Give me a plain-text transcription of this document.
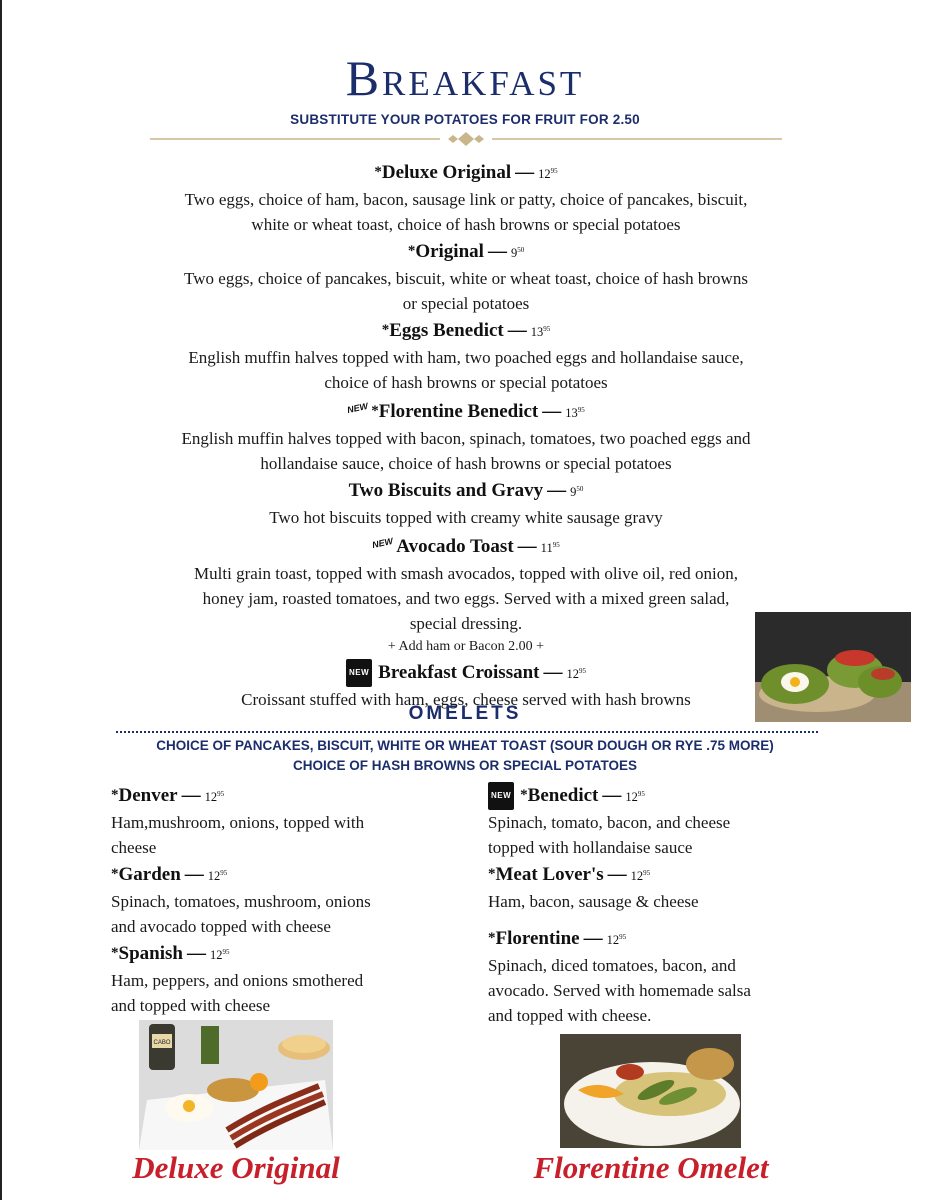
Breakfast
SUBSTITUTE YOUR POTATOES FOR FRUIT FOR 2.50

*Deluxe Original — $12^{95}$

Two eggs, choice of ham, bacon, sausage link or patty, choice of pancakes, biscuit,
white or wheat toast, choice of hash browns or special potatoes

*Original — $9^{50}$

Two eggs, choice of pancakes, biscuit, white or wheat toast, choice of hash browns
or special potatoes

*Eggs Benedict — $13^{95}$

English muffin halves topped with ham, two poached eggs and hollandaise sauce,
choice of hash browns or special potatoes

NEW *Florentine Benedict — $13^{95}$

English muffin halves topped with bacon, spinach, tomatoes, two poached eggs and
hollandaise sauce, choice of hash browns or special potatoes

Two Biscuits and Gravy — $9^{50}$

Two hot biscuits topped with creamy white sausage gravy

NEW Avocado Toast — $11^{95}$

Multi grain toast, topped with smash avocados, topped with olive oil, red onion,
honey jam, roasted tomatoes, and two eggs. Served with a mixed green salad,
special dressing.

+ Add ham or Bacon 2.00 +

NEW Breakfast Croissant — $12^{95}$

Croissant stuffed with ham, eggs, cheese served with hash browns

OMELETS
CHOICE OF PANCAKES, BISCUIT, WHITE OR WHEAT TOAST (SOUR DOUGH OR RYE .75 MORE)
CHOICE OF HASH BROWNS OR SPECIAL POTATOES

*Denver — $12^{95}$

Ham,mushroom, onions, topped with
cheese

*Garden — $12^{95}$

Spinach, tomatoes, mushroom, onions
and avocado topped with cheese

*Spanish — $12^{95}$

Ham, peppers, and onions smothered
and topped with cheese

NEW *Benedict — $12^{95}$

Spinach, tomato, bacon, and cheese
topped with hollandaise sauce

*Meat Lover's — $12^{95}$

Ham, bacon, sausage & cheese

*Florentine — $12^{95}$

Spinach, diced tomatoes, bacon, and
avocado. Served with homemade salsa
and topped with cheese.

CABO
Deluxe Original	Florentine Omelet
